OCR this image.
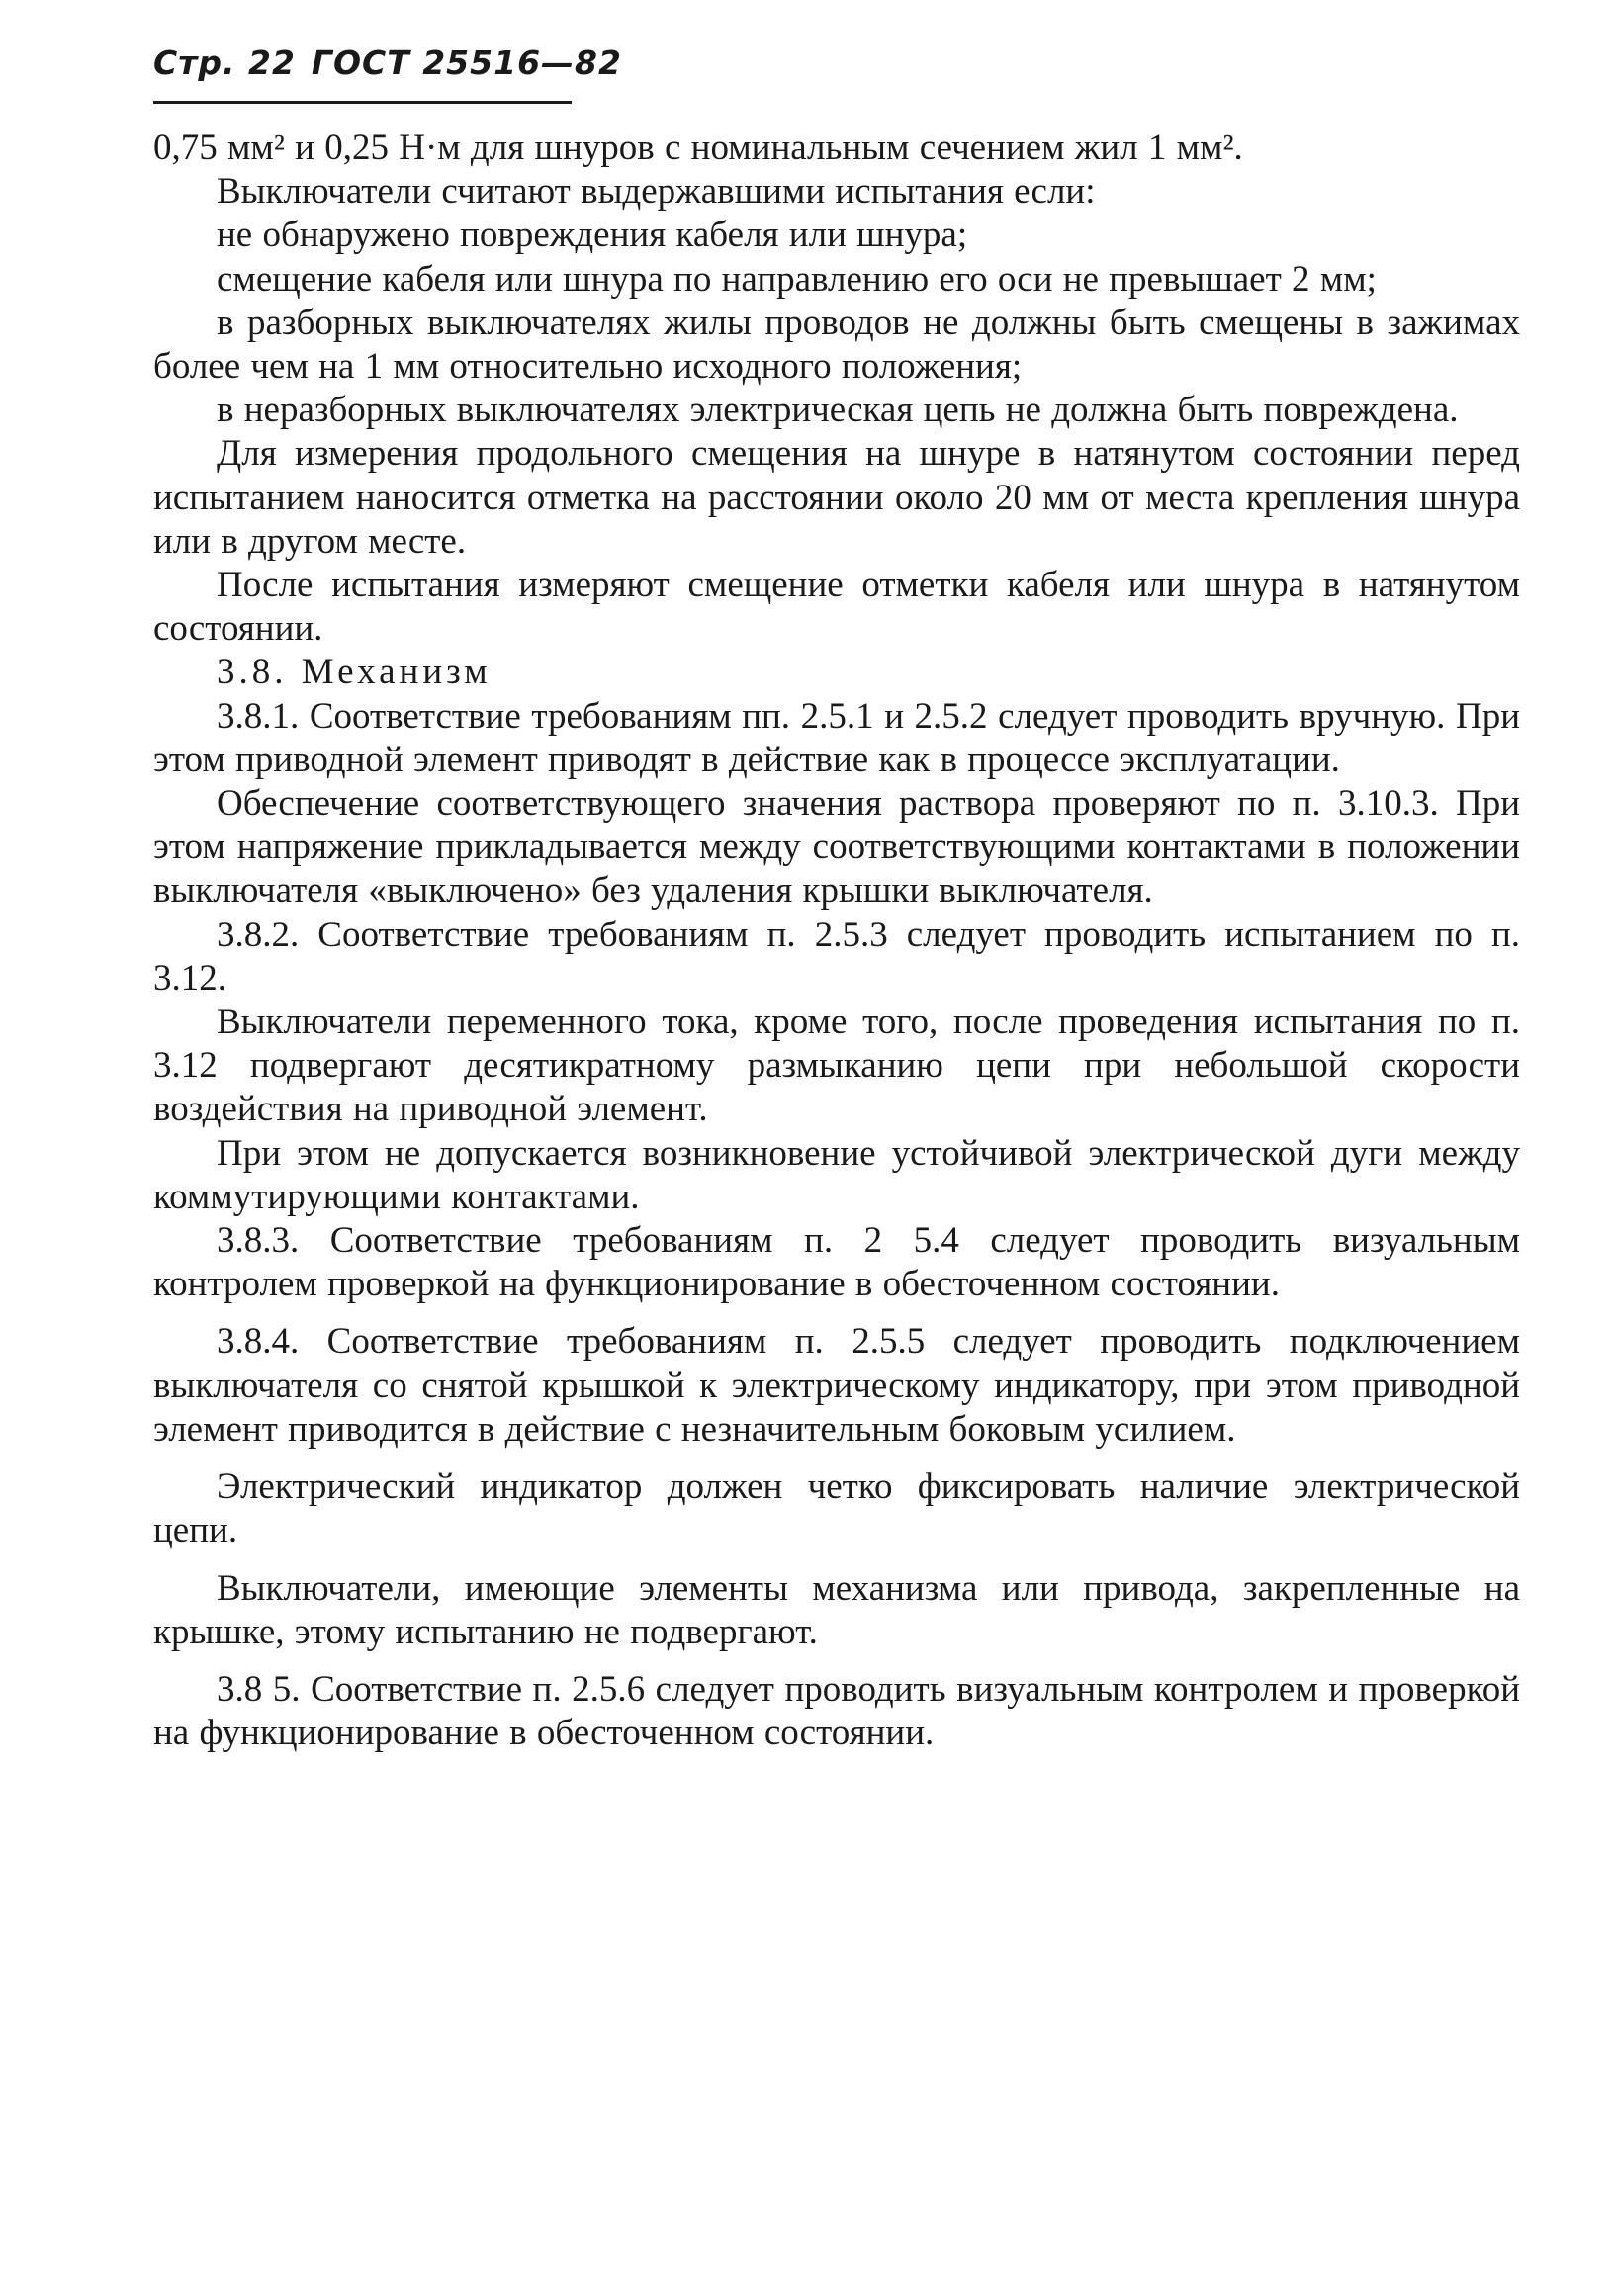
Стр. 22 ГОСТ 25516—82

0,75 мм² и 0,25 Н·м для шнуров с номинальным сечением жил 1 мм².

Выключатели считают выдержавшими испытания если:

не обнаружено повреждения кабеля или шнура;

смещение кабеля или шнура по направлению его оси не превышает 2 мм;

в разборных выключателях жилы проводов не должны быть смещены в зажимах более чем на 1 мм относительно исходного положения;

в неразборных выключателях электрическая цепь не должна быть повреждена.

Для измерения продольного смещения на шнуре в натянутом состоянии перед испытанием наносится отметка на расстоянии около 20 мм от места крепления шнура или в другом месте.

После испытания измеряют смещение отметки кабеля или шнура в натянутом состоянии.

3.8. Механизм

3.8.1. Соответствие требованиям пп. 2.5.1 и 2.5.2 следует проводить вручную. При этом приводной элемент приводят в действие как в процессе эксплуатации.

Обеспечение соответствующего значения раствора проверяют по п. 3.10.3. При этом напряжение прикладывается между соответствующими контактами в положении выключателя «выключено» без удаления крышки выключателя.

3.8.2. Соответствие требованиям п. 2.5.3 следует проводить испытанием по п. 3.12.

Выключатели переменного тока, кроме того, после проведения испытания по п. 3.12 подвергают десятикратному размыканию цепи при небольшой скорости воздействия на приводной элемент.

При этом не допускается возникновение устойчивой электрической дуги между коммутирующими контактами.

3.8.3. Соответствие требованиям п. 2 5.4 следует проводить визуальным контролем проверкой на функционирование в обесточенном состоянии.

3.8.4. Соответствие требованиям п. 2.5.5 следует проводить подключением выключателя со снятой крышкой к электрическому индикатору, при этом приводной элемент приводится в действие с незначительным боковым усилием.

Электрический индикатор должен четко фиксировать наличие электрической цепи.

Выключатели, имеющие элементы механизма или привода, закрепленные на крышке, этому испытанию не подвергают.

3.8 5. Соответствие п. 2.5.6 следует проводить визуальным контролем и проверкой на функционирование в обесточенном состоянии.
